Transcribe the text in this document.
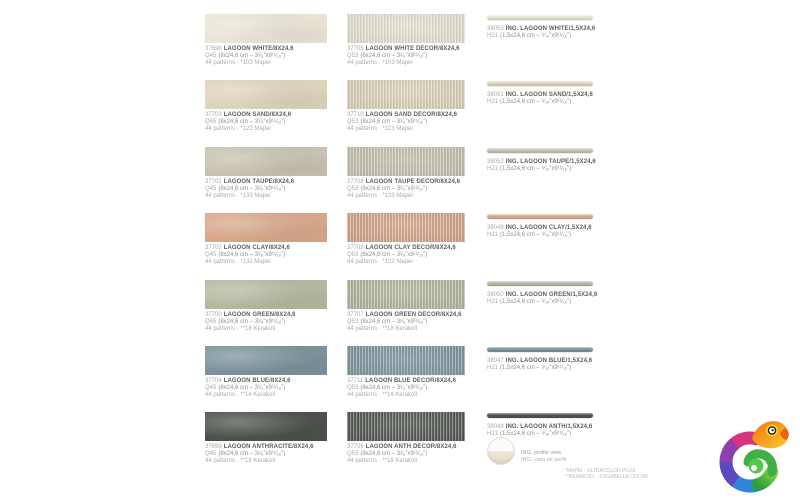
37698 LAGOON WHITE/8X24,6
Q45 (8x24,6 cm – 3¹⁄₈”x9¹¹⁄₁₆”)
44 patterns · *103 Mapei
37705 LAGOON WHITE DECOR/8X24,6
Q53 (8x24,6 cm – 3¹⁄₈”x9¹¹⁄₁₆”)
44 patterns · *103 Mapei
38053 ING. LAGOON WHITE/1,5X24,6
H21 (1,5x24,6 cm – ⁹⁄₁₆”x9¹¹⁄₁₆”)
37703 LAGOON SAND/8X24,6
Q45 (8x24,6 cm – 3¹⁄₈”x9¹¹⁄₁₆”)
44 patterns · *123 Mapei
37710 LAGOON SAND DECOR/8X24,6
Q53 (8x24,6 cm – 3¹⁄₈”x9¹¹⁄₁₆”)
44 patterns · *123 Mapei
38051 ING. LAGOON SAND/1,5X24,6
H21 (1,5x24,6 cm – ⁹⁄₁₆”x9¹¹⁄₁₆”)
37701 LAGOON TAUPE/8X24,6
Q45 (8x24,6 cm – 3¹⁄₈”x9¹¹⁄₁₆”)
44 patterns · *133 Mapei
37708 LAGOON TAUPE DECOR/8X24,6
Q53 (8x24,6 cm – 3¹⁄₈”x9¹¹⁄₁₆”)
44 patterns · *133 Mapei
38052 ING. LAGOON TAUPE/1,5X24,6
H21 (1,5x24,6 cm – ⁹⁄₁₆”x9¹¹⁄₁₆”)
37702 LAGOON CLAY/8X24,6
Q45 (8x24,6 cm – 3¹⁄₈”x9¹¹⁄₁₆”)
44 patterns · *132 Mapei
37709 LAGOON CLAY DECOR/8X24,6
Q53 (8x24,6 cm – 3¹⁄₈”x9¹¹⁄₁₆”)
44 patterns · *132 Mapei
38049 ING. LAGOON CLAY/1,5X24,6
H21 (1,5x24,6 cm – ⁹⁄₁₆”x9¹¹⁄₁₆”)
37700 LAGOON GREEN/8X24,6
Q45 (8x24,6 cm – 3¹⁄₈”x9¹¹⁄₁₆”)
44 patterns · **18 Kerakoll
37707 LAGOON GREEN DECOR/8X24,6
Q53 (8x24,6 cm – 3¹⁄₈”x9¹¹⁄₁₆”)
44 patterns · **18 Kerakoll
38050 ING. LAGOON GREEN/1,5X24,6
H21 (1,5x24,6 cm – ⁹⁄₁₆”x9¹¹⁄₁₆”)
37704 LAGOON BLUE/8X24,6
Q45 (8x24,6 cm – 3¹⁄₈”x9¹¹⁄₁₆”)
44 patterns · **14 Kerakoll
37711 LAGOON BLUE DECOR/8X24,6
Q53 (8x24,6 cm – 3¹⁄₈”x9¹¹⁄₁₆”)
44 patterns · **14 Kerakoll
38047 ING. LAGOON BLUE/1,5X24,6
H21 (1,5x24,6 cm – ⁹⁄₁₆”x9¹¹⁄₁₆”)
37699 LAGOON ANTHRACITE/8X24,6
Q45 (8x24,6 cm – 3¹⁄₈”x9¹¹⁄₁₆”)
44 patterns · **18 Kerakoll
37706 LAGOON ANTH DECOR/8X24,6
Q53 (8x24,6 cm – 3¹⁄₈”x9¹¹⁄₁₆”)
44 patterns · **18 Kerakoll
38048 ING. LAGOON ANTH/1,5X24,6
H21 (1,5x24,6 cm – ⁹⁄₁₆”x9¹¹⁄₁₆”)
ING. profile view
ING. vista de perfil
*MAPEI · ULTRACOLOR PLUS
**KERAKOLL · FUGABELLA COLOR
